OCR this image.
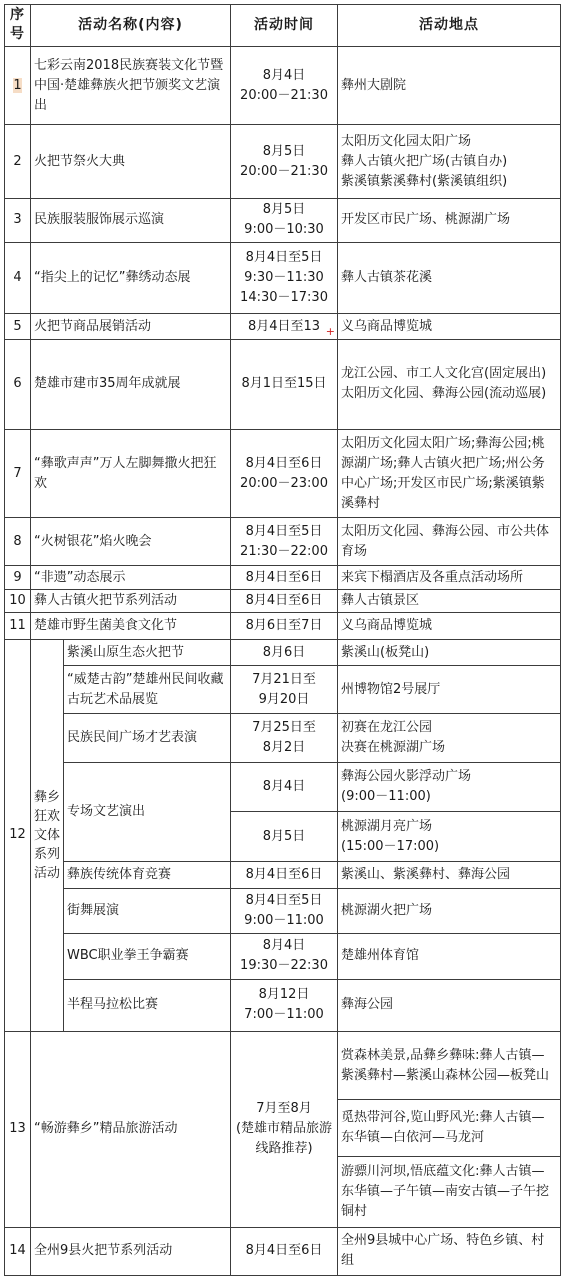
序号	活动名称(内容)		活动时间	活动地点
1	七彩云南2018民族赛装文化节暨中国·楚雄彝族火把节颁奖文艺演出		8月4日
20:00－21:30	彝州大剧院
2	火把节祭火大典		8月5日
20:00－21:30	太阳历文化园太阳广场
彝人古镇火把广场(古镇自办)
紫溪镇紫溪彝村(紫溪镇组织)
3	民族服装服饰展示巡演		8月5日
9:00－10:30	开发区市民广场、桃源湖广场
4	“指尖上的记忆”彝绣动态展		8月4日至5日
9:30－11:30
14:30－17:30	彝人古镇茶花溪
5	火把节商品展销活动		8月4日至13 +	义乌商品博览城
6	楚雄市建市35周年成就展		8月1日至15日	龙江公园、市工人文化宫(固定展出)
太阳历文化园、彝海公园(流动巡展)
7	“彝歌声声”万人左脚舞撒火把狂欢		8月4日至6日
20:00－23:00	太阳历文化园太阳广场;彝海公园;桃源湖广场;彝人古镇火把广场;州公务中心广场;开发区市民广场;紫溪镇紫溪彝村
8	“火树银花”焰火晚会		8月4日至5日
21:30－22:00	太阳历文化园、彝海公园、市公共体育场
9	“非遗”动态展示		8月4日至6日	来宾下榻酒店及各重点活动场所
10	彝人古镇火把节系列活动		8月4日至6日	彝人古镇景区
11	楚雄市野生菌美食文化节		8月6日至7日	义乌商品博览城
12	彝乡狂欢文体系列活动	紫溪山原生态火把节	8月6日	紫溪山(板凳山)
		“威楚古韵”楚雄州民间收藏古玩艺术品展览	7月21日至
9月20日	州博物馆2号展厅
		民族民间广场才艺表演	7月25日至
8月2日	初赛在龙江公园
决赛在桃源湖广场
		专场文艺演出	8月4日	彝海公园火影浮动广场
(9:00－11:00)
			8月5日	桃源湖月亮广场
(15:00－17:00)
		彝族传统体育竞赛	8月4日至6日	紫溪山、紫溪彝村、彝海公园
		街舞展演	8月4日至5日
9:00－11:00	桃源湖火把广场
		WBC职业拳王争霸赛	8月4日
19:30－22:30	楚雄州体育馆
		半程马拉松比赛	8月12日
7:00－11:00	彝海公园
13	“畅游彝乡”精品旅游活动		7月至8月
(楚雄市精品旅游线路推荐)	赏森林美景,品彝乡彝味:彝人古镇—紫溪彝村—紫溪山森林公园—板凳山
				觅热带河谷,览山野风光:彝人古镇—东华镇—白依河—马龙河
				游骠川河坝,悟底蕴文化:彝人古镇—东华镇—子午镇—南安古镇—子午挖铜村
14	全州9县火把节系列活动		8月4日至6日	全州9县城中心广场、特色乡镇、村组
